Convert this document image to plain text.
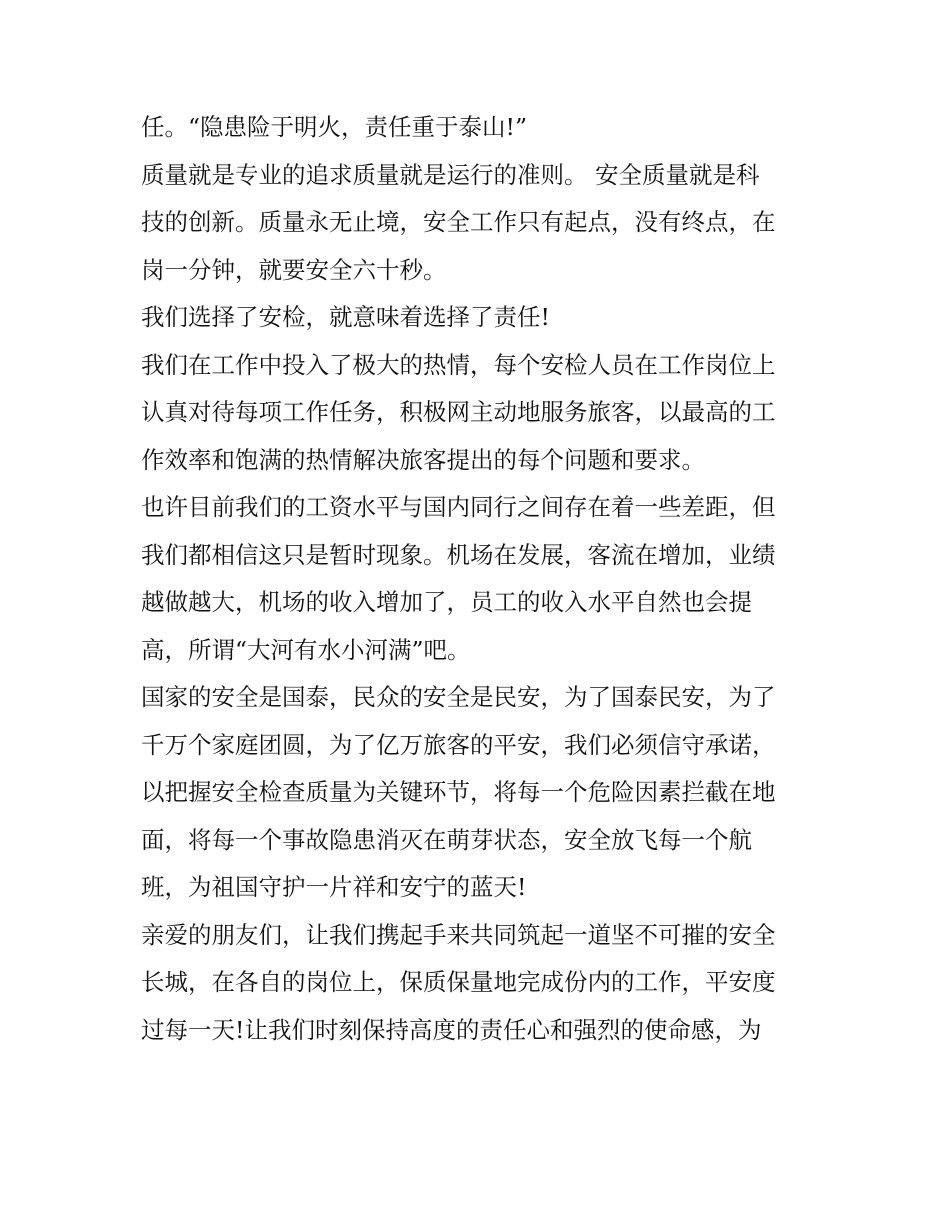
任。“隐患险于明火，责任重于泰山!”
质量就是专业的追求质量就是运行的准则。 安全质量就是科
技的创新。质量永无止境，安全工作只有起点，没有终点，在
岗一分钟，就要安全六十秒。
我们选择了安检，就意味着选择了责任!
我们在工作中投入了极大的热情，每个安检人员在工作岗位上
认真对待每项工作任务，积极网主动地服务旅客，以最高的工
作效率和饱满的热情解决旅客提出的每个问题和要求。
也许目前我们的工资水平与国内同行之间存在着一些差距，但
我们都相信这只是暂时现象。机场在发展，客流在增加，业绩
越做越大，机场的收入增加了，员工的收入水平自然也会提
高，所谓“大河有水小河满”吧。
国家的安全是国泰，民众的安全是民安，为了国泰民安，为了
千万个家庭团圆，为了亿万旅客的平安，我们必须信守承诺，
以把握安全检查质量为关键环节，将每一个危险因素拦截在地
面，将每一个事故隐患消灭在萌芽状态，安全放飞每一个航
班，为祖国守护一片祥和安宁的蓝天!
亲爱的朋友们，让我们携起手来共同筑起一道坚不可摧的安全
长城，在各自的岗位上，保质保量地完成份内的工作，平安度
过每一天!让我们时刻保持高度的责任心和强烈的使命感，为
